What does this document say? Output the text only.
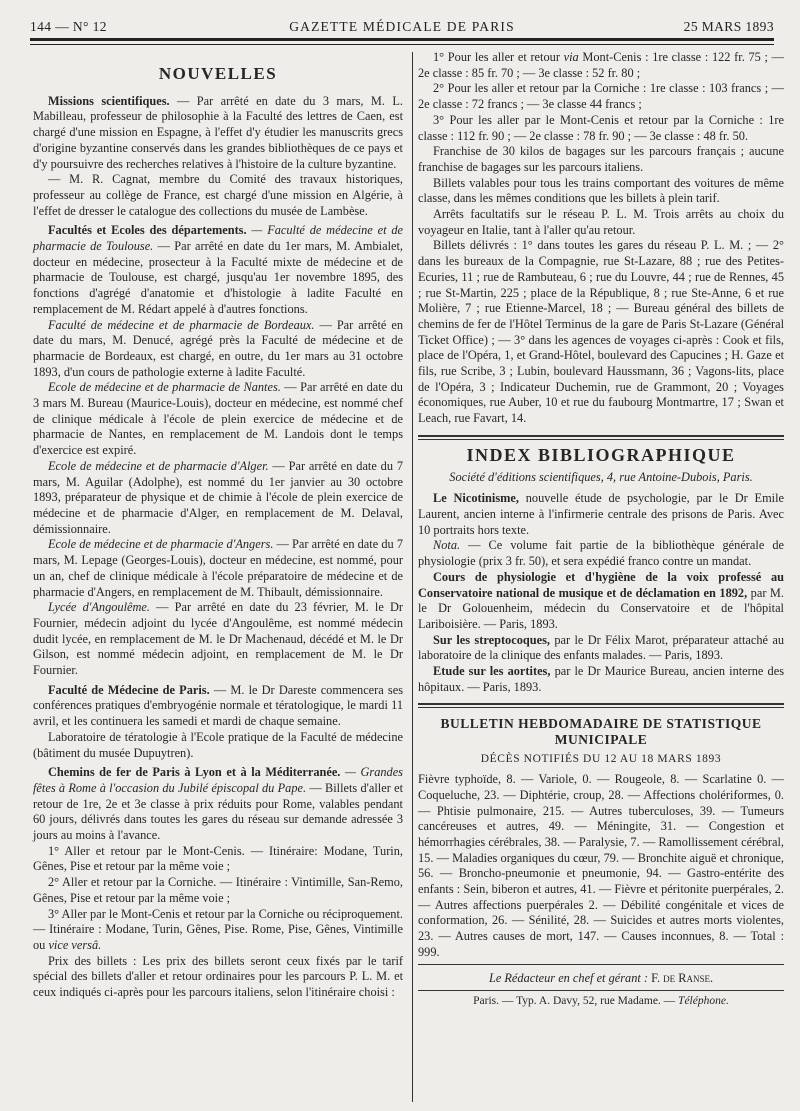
144 — N° 12	GAZETTE MÉDICALE DE PARIS	25 MARS 1893
NOUVELLES

Missions scientifiques. — Par arrêté en date du 3 mars, M. L. Mabilleau, professeur de philosophie à la Faculté des lettres de Caen, est chargé d'une mission en Espagne, à l'effet d'y étudier les manuscrits grecs d'origine byzantine conservés dans les grandes bibliothèques de ce pays et d'y poursuivre des recherches relatives à l'histoire de la culture byzantine.

— M. R. Cagnat, membre du Comité des travaux historiques, professeur au collège de France, est chargé d'une mission en Algérie, à l'effet de dresser le catalogue des collections du musée de Lambèse.

Facultés et Ecoles des départements. — Faculté de médecine et de pharmacie de Toulouse. — Par arrêté en date du 1er mars, M. Ambialet, docteur en médecine, prosecteur à la Faculté mixte de médecine et de pharmacie de Toulouse, est chargé, jusqu'au 1er novembre 1895, des fonctions d'agrégé d'anatomie et d'histologie à ladite Faculté en remplacement de M. Rédart appelé à d'autres fonctions.

Faculté de médecine et de pharmacie de Bordeaux. — Par arrêté en date du mars, M. Denucé, agrégé près la Faculté de médecine et de pharmacie de Bordeaux, est chargé, en outre, du 1er mars au 31 octobre 1893, d'un cours de pathologie externe à ladite Faculté.

Ecole de médecine et de pharmacie de Nantes. — Par arrêté en date du 3 mars M. Bureau (Maurice-Louis), docteur en médecine, est nommé chef de clinique médicale à l'école de plein exercice de médecine et de pharmacie de Nantes, en remplacement de M. Landois dont le temps d'exercice est expiré.

Ecole de médecine et de pharmacie d'Alger. — Par arrêté en date du 7 mars, M. Aguilar (Adolphe), est nommé du 1er janvier au 30 octobre 1893, préparateur de physique et de chimie à l'école de plein exercice de médecine et de pharmacie d'Alger, en remplacement de M. Delaval, démissionnaire.

Ecole de médecine et de pharmacie d'Angers. — Par arrêté en date du 7 mars, M. Lepage (Georges-Louis), docteur en médecine, est nommé, pour un an, chef de clinique médicale à l'école préparatoire de médecine et de pharmacie d'Angers, en remplacement de M. Thibault, démissionnaire.

Lycée d'Angoulême. — Par arrêté en date du 23 février, M. le Dr Fournier, médecin adjoint du lycée d'Angoulême, est nommé médecin dudit lycée, en remplacement de M. le Dr Machenaud, décédé et M. le Dr Gilson, est nommé médecin adjoint, en remplacement de M. le Dr Fournier.

Faculté de Médecine de Paris. — M. le Dr Dareste commencera ses conférences pratiques d'embryogénie normale et tératologique, le mardi 11 avril, et les continuera les samedi et mardi de chaque semaine.

Laboratoire de tératologie à l'Ecole pratique de la Faculté de médecine (bâtiment du musée Dupuytren).

Chemins de fer de Paris à Lyon et à la Méditerranée. — Grandes fêtes à Rome à l'occasion du Jubilé épiscopal du Pape. — Billets d'aller et retour de 1re, 2e et 3e classe à prix réduits pour Rome, valables pendant 60 jours, délivrés dans toutes les gares du réseau sur demande adressée 3 jours au moins à l'avance.

1° Aller et retour par le Mont-Cenis. — Itinéraire: Modane, Turin, Gênes, Pise et retour par la même voie ;

2° Aller et retour par la Corniche. — Itinéraire : Vintimille, San-Remo, Gênes, Pise et retour par la même voie ;

3° Aller par le Mont-Cenis et retour par la Corniche ou réciproquement. — Itinéraire : Modane, Turin, Gênes, Pise. Rome, Pise, Gênes, Vintimille ou vice versâ.

Prix des billets : Les prix des billets seront ceux fixés par le tarif spécial des billets d'aller et retour ordinaires pour les parcours P. L. M. et ceux indiqués ci-après pour les parcours italiens, selon l'itinéraire choisi :

1° Pour les aller et retour via Mont-Cenis : 1re classe : 122 fr. 75 ; — 2e classe : 85 fr. 70 ; — 3e classe : 52 fr. 80 ;

2° Pour les aller et retour par la Corniche : 1re classe : 103 francs ; — 2e classe : 72 francs ; — 3e classe 44 francs ;

3° Pour les aller par le Mont-Cenis et retour par la Corniche : 1re classe : 112 fr. 90 ; — 2e classe : 78 fr. 90 ; — 3e classe : 48 fr. 50.

Franchise de 30 kilos de bagages sur les parcours français ; aucune franchise de bagages sur les parcours italiens.

Billets valables pour tous les trains comportant des voitures de même classe, dans les mêmes conditions que les billets à plein tarif.

Arrêts facultatifs sur le réseau P. L. M. Trois arrêts au choix du voyageur en Italie, tant à l'aller qu'au retour.

Billets délivrés : 1° dans toutes les gares du réseau P. L. M. ; — 2° dans les bureaux de la Compagnie, rue St-Lazare, 88 ; rue des Petites-Ecuries, 11 ; rue de Rambuteau, 6 ; rue du Louvre, 44 ; rue de Rennes, 45 ; rue St-Martin, 225 ; place de la République, 8 ; rue Ste-Anne, 6 et rue Molière, 7 ; rue Etienne-Marcel, 18 ; — Bureau général des billets de chemins de fer de l'Hôtel Terminus de la gare de Paris St-Lazare (Général Ticket Office) ; — 3° dans les agences de voyages ci-après : Cook et fils, place de l'Opéra, 1, et Grand-Hôtel, boulevard des Capucines ; H. Gaze et fils, rue Scribe, 3 ; Lubin, boulevard Haussmann, 36 ; Vagons-lits, place de l'Opéra, 3 ; Indicateur Duchemin, rue de Grammont, 20 ; Voyages économiques, rue Auber, 10 et rue du faubourg Montmartre, 17 ; Swan et Leach, rue Favart, 14.

INDEX BIBLIOGRAPHIQUE
Société d'éditions scientifiques, 4, rue Antoine-Dubois, Paris.

Le Nicotinisme, nouvelle étude de psychologie, par le Dr Emile Laurent, ancien interne à l'infirmerie centrale des prisons de Paris. Avec 10 portraits hors texte.

Nota. — Ce volume fait partie de la bibliothèque générale de physiologie (prix 3 fr. 50), et sera expédié franco contre un mandat.

Cours de physiologie et d'hygiène de la voix professé au Conservatoire national de musique et de déclamation en 1892, par M. le Dr Golouenheim, médecin du Conservatoire et de l'hôpital Lariboisière. — Paris, 1893.

Sur les streptocoques, par le Dr Félix Marot, préparateur attaché au laboratoire de la clinique des enfants malades. — Paris, 1893.

Etude sur les aortites, par le Dr Maurice Bureau, ancien interne des hôpitaux. — Paris, 1893.

BULLETIN HEBDOMADAIRE DE STATISTIQUE MUNICIPALE
DÉCÈS NOTIFIÉS DU 12 AU 18 MARS 1893

Fièvre typhoïde, 8. — Variole, 0. — Rougeole, 8. — Scarlatine 0. — Coqueluche, 23. — Diphtérie, croup, 28. — Affections cholériformes, 0. — Phtisie pulmonaire, 215. — Autres tuberculoses, 39. — Tumeurs cancéreuses et autres, 49. — Méningite, 31. — Congestion et hémorrhagies cérébrales, 38. — Paralysie, 7. — Ramollissement cérébral, 15. — Maladies organiques du cœur, 79. — Bronchite aiguë et chronique, 56. — Broncho-pneumonie et pneumonie, 94. — Gastro-entérite des enfants : Sein, biberon et autres, 41. — Fièvre et péritonite puerpérales, 2. — Autres affections puerpérales 2. — Débilité congénitale et vices de conformation, 26. — Sénilité, 28. — Suicides et autres morts violentes, 23. — Autres causes de mort, 147. — Causes inconnues, 8. — Total : 999.

Le Rédacteur en chef et gérant : F. de Ranse.
Paris. — Typ. A. Davy, 52, rue Madame. — Téléphone.
